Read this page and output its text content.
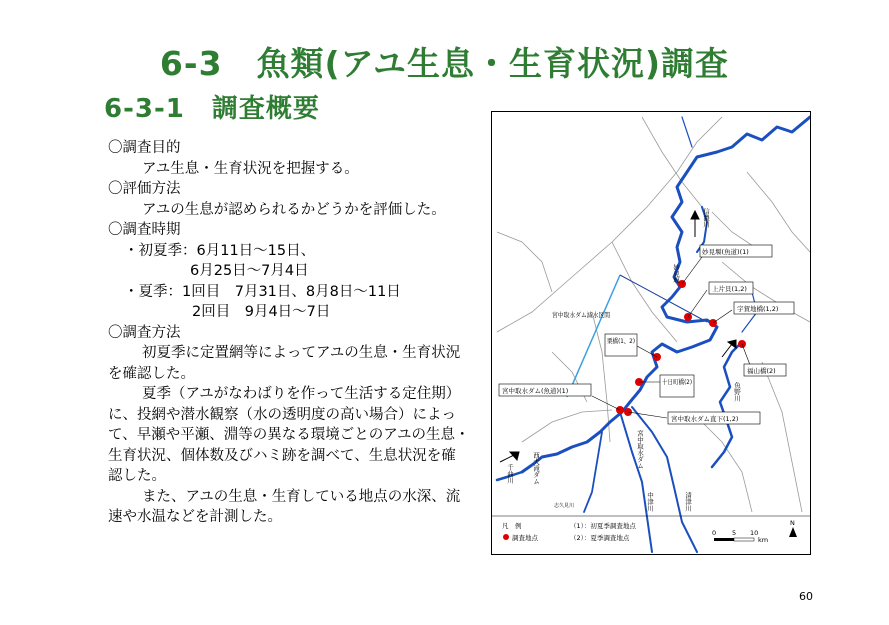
6-3　魚類(アユ生息・生育状況)調査
6-3-1　調査概要
〇調査目的
アユ生息・生育状況を把握する。
〇評価方法
アユの生息が認められるかどうかを評価した。
〇調査時期
・初夏季：6月11日～15日、
6月25日～7月4日
・夏季：1回目　7月31日、8月8日～11日
2回目　9月4日～7日
〇調査方法
初夏季に定置網等によってアユの生息・生育状況を確認した。
夏季（アユがなわばりを作って生活する定住期）に、投網や潜水観察（水の透明度の高い場合）によって、早瀬や平瀬、淵等の異なる環境ごとのアユの生息・生育状況、個体数及びハミ跡を調べて、生息状況を確認した。
また、アユの生息・生育している地点の水深、流速や水温などを計測した。
妙見堰(魚道)(1)
上片貝(1,2)
宇賀地橋(1,2)
福山橋(2)
栗橋(1、2)
十日町橋(2)
宮中取水ダム(魚道)(1)
宮中取水ダム直下(1,2)
宮中取水ダム減水区間
信濃川
妙見堰
魚野川
宮中取水ダム
西大滝ダム
千曲川
中津川	清津川
志久見川
凡　例
調査地点
（1）：初夏季調査地点
（2）：夏季調査地点
0 5 10
km
N
60
